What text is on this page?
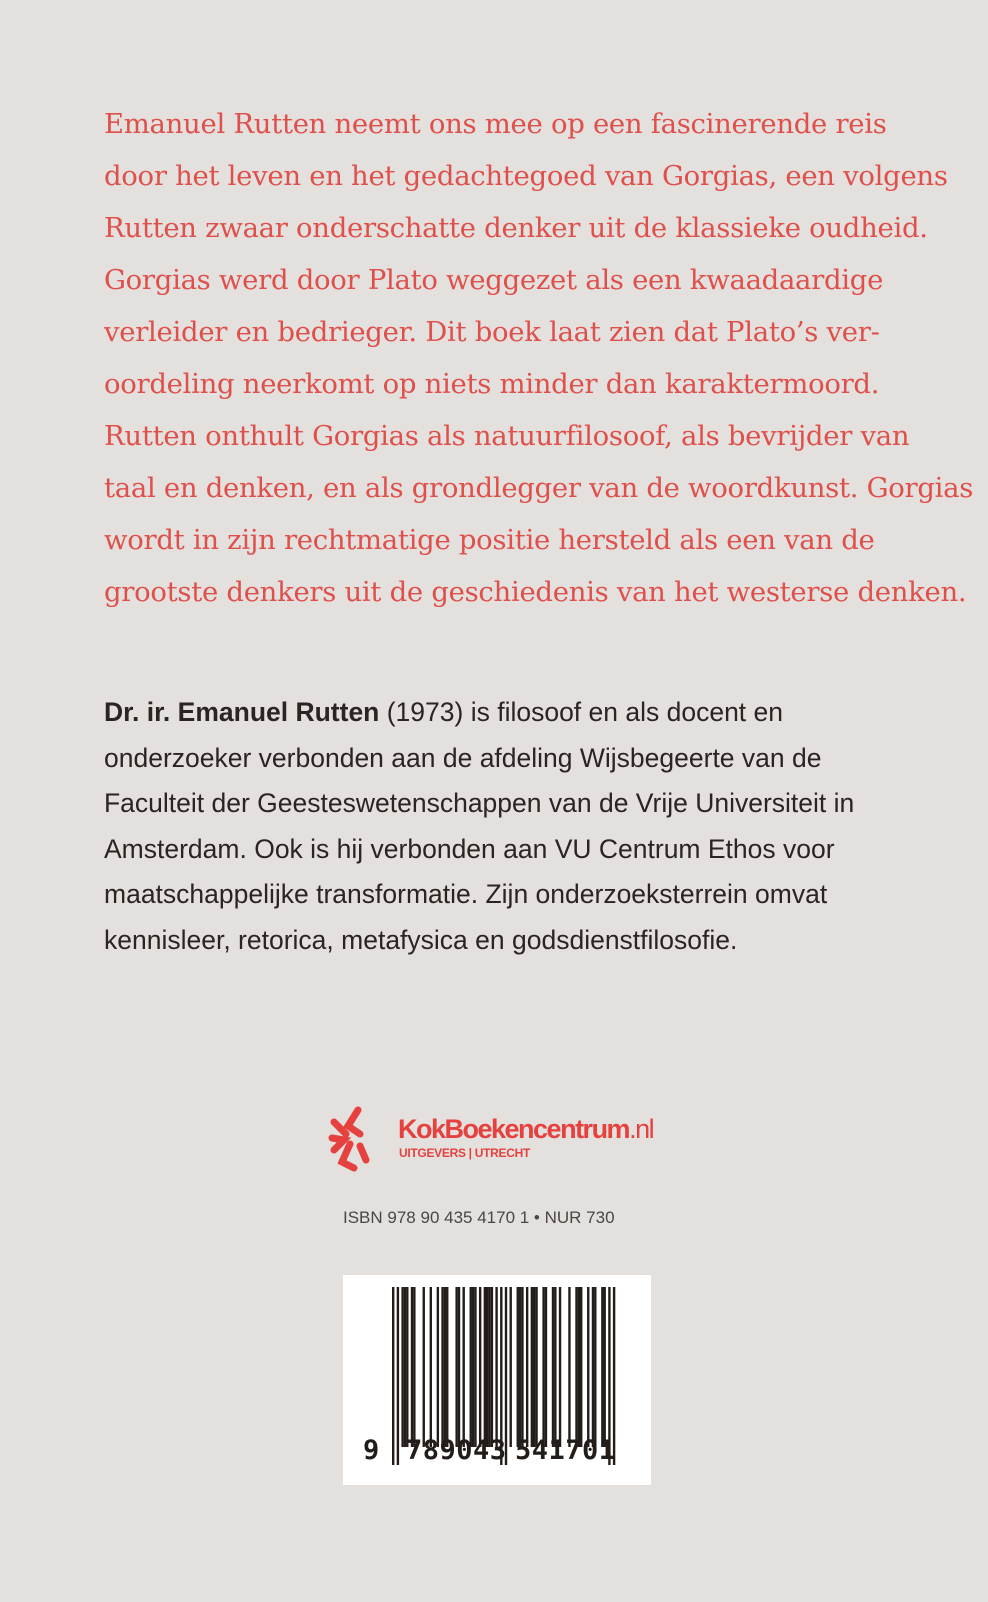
Emanuel Rutten neemt ons mee op een fascinerende reis
door het leven en het gedachtegoed van Gorgias, een volgens
Rutten zwaar onderschatte denker uit de klassieke oudheid.
Gorgias werd door Plato weggezet als een kwaadaardige
verleider en bedrieger. Dit boek laat zien dat Plato’s ver-
oordeling neerkomt op niets minder dan karaktermoord.
Rutten onthult Gorgias als natuurfilosoof, als bevrijder van
taal en denken, en als grondlegger van de woordkunst. Gorgias
wordt in zijn rechtmatige positie hersteld als een van de
grootste denkers uit de geschiedenis van het westerse denken.
Dr. ir. Emanuel Rutten (1973) is filosoof en als docent en
onderzoeker verbonden aan de afdeling Wijsbegeerte van de
Faculteit der Geesteswetenschappen van de Vrije Universiteit in
Amsterdam. Ook is hij verbonden aan VU Centrum Ethos voor
maatschappelijke transformatie. Zijn onderzoeksterrein omvat
kennisleer, retorica, metafysica en godsdienstfilosofie.
KokBoekencentrum.nl
UITGEVERS | UTRECHT
ISBN 978 90 435 4170 1 • NUR 730
9 789043 541701
